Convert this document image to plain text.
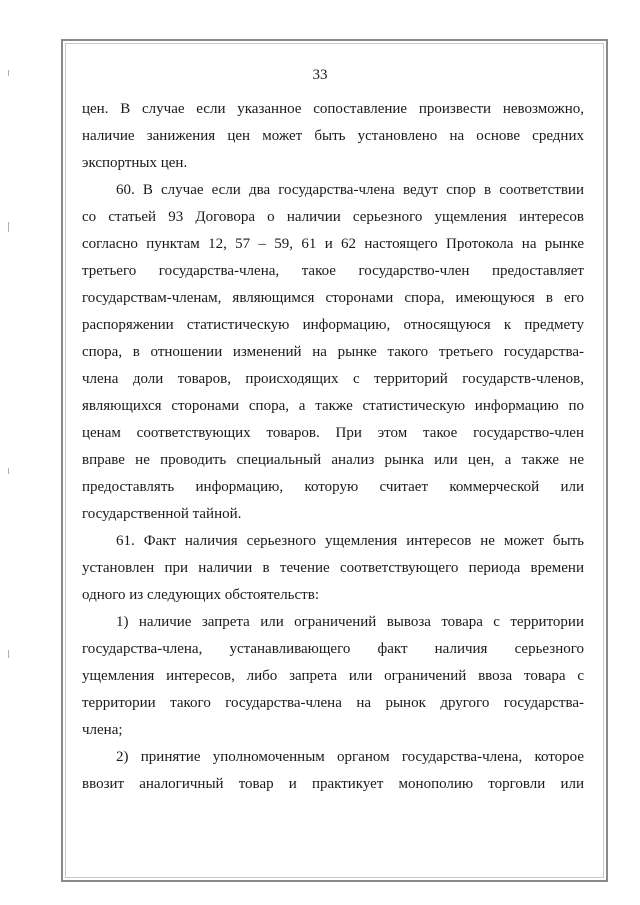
33
цен. В случае если указанное сопоставление произвести невозможно,
наличие занижения цен может быть установлено на основе средних
экспортных цен.
60. В случае если два государства-члена ведут спор в соответствии
со статьей 93 Договора о наличии серьезного ущемления интересов
согласно пунктам 12, 57 – 59, 61 и 62 настоящего Протокола на рынке
третьего государства-члена, такое государство-член предоставляет
государствам-членам, являющимся сторонами спора, имеющуюся в его
распоряжении статистическую информацию, относящуюся к предмету
спора, в отношении изменений на рынке такого третьего государства-
члена доли товаров, происходящих с территорий государств-членов,
являющихся сторонами спора, а также статистическую информацию по
ценам соответствующих товаров. При этом такое государство-член
вправе не проводить специальный анализ рынка или цен, а также не
предоставлять информацию, которую считает коммерческой или
государственной тайной.
61. Факт наличия серьезного ущемления интересов не может быть
установлен при наличии в течение соответствующего периода времени
одного из следующих обстоятельств:
1) наличие запрета или ограничений вывоза товара с территории
государства-члена, устанавливающего факт наличия серьезного
ущемления интересов, либо запрета или ограничений ввоза товара с
территории такого государства-члена на рынок другого государства-
члена;
2) принятие уполномоченным органом государства-члена, которое
ввозит аналогичный товар и практикует монополию торговли или
